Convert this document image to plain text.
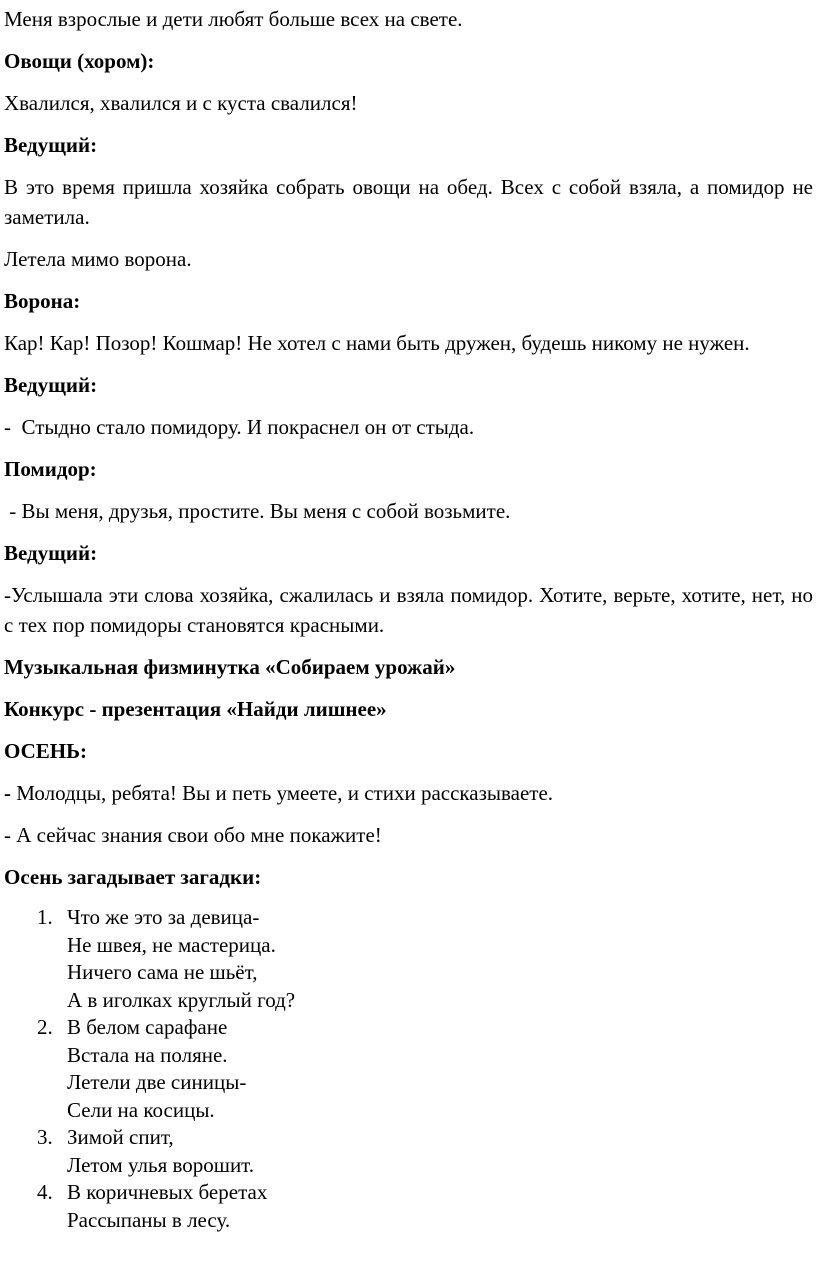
Меня взрослые и дети любят больше всех на свете.

Овощи (хором):

Хвалился, хвалился и с куста свалился!

Ведущий:

В это время пришла хозяйка собрать овощи на обед. Всех с собой взяла, а помидор не заметила.

Летела мимо ворона.

Ворона:

Кар! Кар! Позор! Кошмар! Не хотел с нами быть дружен, будешь никому не нужен.

Ведущий:

-  Стыдно стало помидору. И покраснел он от стыда.

Помидор:

- Вы меня, друзья, простите. Вы меня с собой возьмите.

Ведущий:

-Услышала эти слова хозяйка, сжалилась и взяла помидор. Хотите, верьте, хотите, нет, но с тех пор помидоры становятся красными.

Музыкальная физминутка «Собираем урожай»

Конкурс - презентация «Найди лишнее»

ОСЕНЬ:

- Молодцы, ребята! Вы и петь умеете, и стихи рассказываете.

- А сейчас знания свои обо мне покажите!

Осень загадывает загадки:

1. Что же это за девица-
Не швея, не мастерица.
Ничего сама не шьёт,
А в иголках круглый год?
2. В белом сарафане
Встала на поляне.
Летели две синицы-
Сели на косицы.
3. Зимой спит,
Летом улья ворошит.
4. В коричневых беретах
Рассыпаны в лесу.
